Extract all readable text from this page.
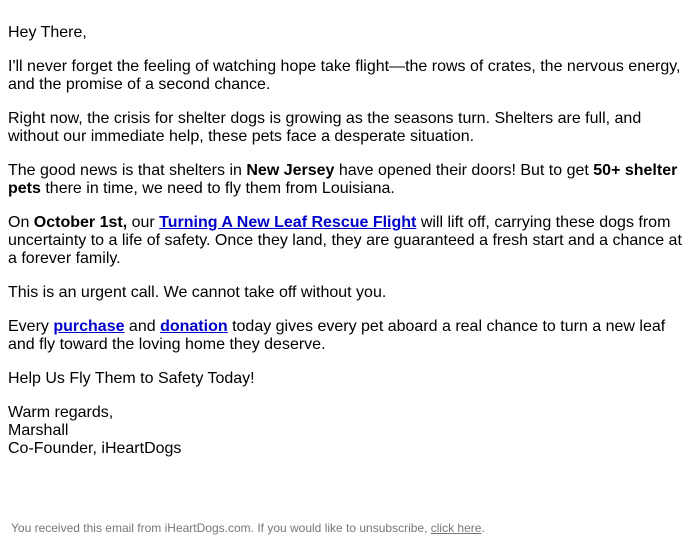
Hey There,

I'll never forget the feeling of watching hope take flight—the rows of crates, the nervous energy, and the promise of a second chance.

Right now, the crisis for shelter dogs is growing as the seasons turn. Shelters are full, and without our immediate help, these pets face a desperate situation.

The good news is that shelters in New Jersey have opened their doors! But to get 50+ shelter pets there in time, we need to fly them from Louisiana.

On October 1st, our Turning A New Leaf Rescue Flight will lift off, carrying these dogs from uncertainty to a life of safety. Once they land, they are guaranteed a fresh start and a chance at a forever family.

This is an urgent call. We cannot take off without you.

Every purchase and donation today gives every pet aboard a real chance to turn a new leaf and fly toward the loving home they deserve.

Help Us Fly Them to Safety Today!

Warm regards,
Marshall
Co-Founder, iHeartDogs

You received this email from iHeartDogs.com. If you would like to unsubscribe, click here.
